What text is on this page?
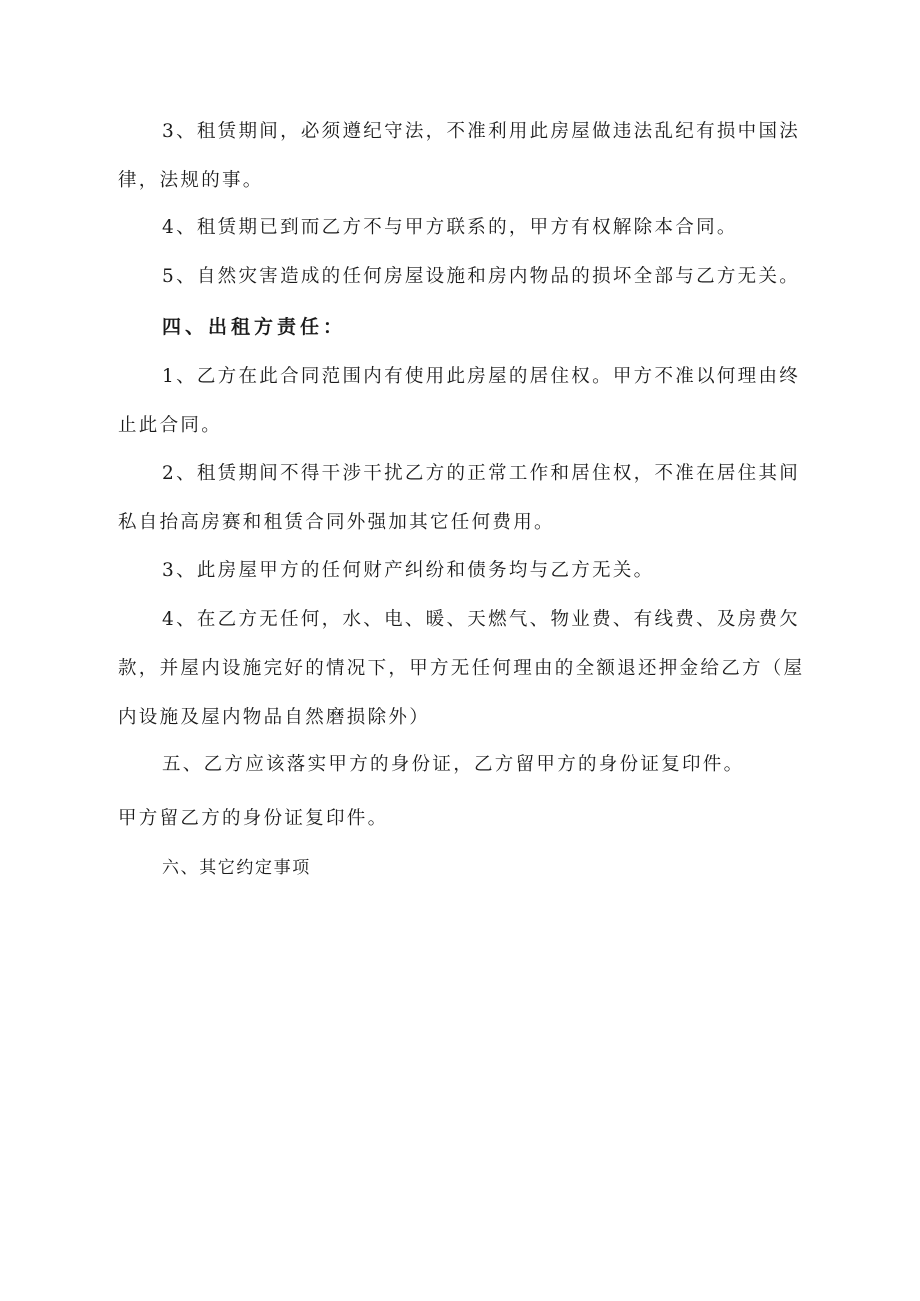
3、租赁期间，必须遵纪守法，不准利用此房屋做违法乱纪有损中国法律，法规的事。

4、租赁期已到而乙方不与甲方联系的，甲方有权解除本合同。

5、自然灾害造成的任何房屋设施和房内物品的损坏全部与乙方无关。

四、出租方责任：

1、乙方在此合同范围内有使用此房屋的居住权。甲方不准以何理由终止此合同。

2、租赁期间不得干涉干扰乙方的正常工作和居住权，不准在居住其间私自抬高房赛和租赁合同外强加其它任何费用。

3、此房屋甲方的任何财产纠纷和债务均与乙方无关。

4、在乙方无任何，水、电、暖、天燃气、物业费、有线费、及房费欠款，并屋内设施完好的情况下，甲方无任何理由的全额退还押金给乙方（屋内设施及屋内物品自然磨损除外）

五、乙方应该落实甲方的身份证，乙方留甲方的身份证复印件。

甲方留乙方的身份证复印件。

六、其它约定事项
